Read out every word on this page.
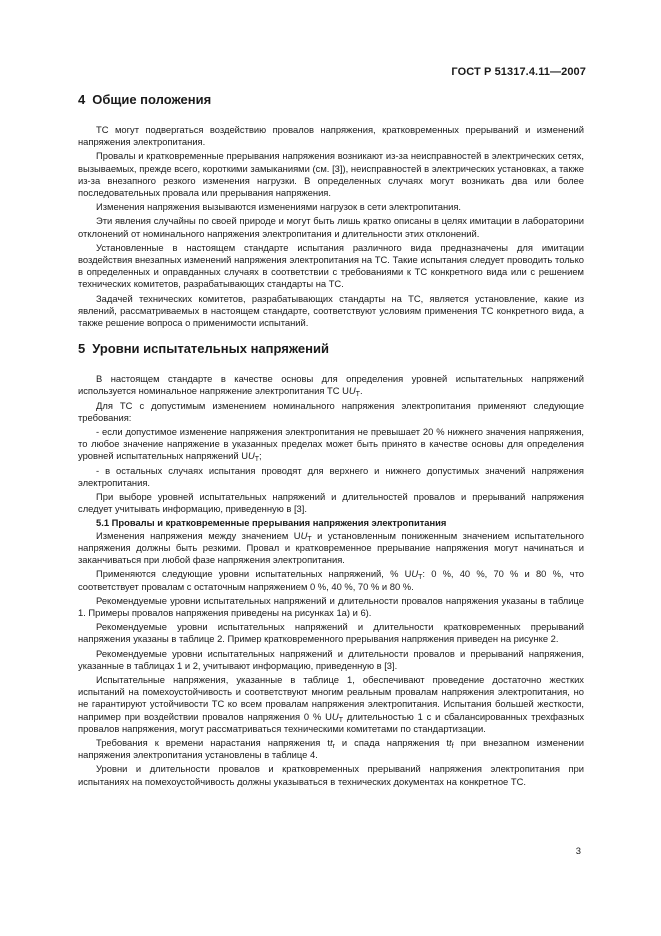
ГОСТ Р 51317.4.11—2007
4 Общие положения

ТС могут подвергаться воздействию провалов напряжения, кратковременных прерываний и изменений напряжения электропитания.

Провалы и кратковременные прерывания напряжения возникают из-за неисправностей в электрических сетях, вызываемых, прежде всего, короткими замыканиями (см. [3]), неисправностей в электрических установках, а также из-за внезапного резкого изменения нагрузки. В определенных случаях могут возникать два или более последовательных провала или прерывания напряжения.

Изменения напряжения вызываются изменениями нагрузок в сети электропитания.

Эти явления случайны по своей природе и могут быть лишь кратко описаны в целях имитации в лабораторини отклонений от номинального напряжения электропитания и длительности этих отклонений.

Установленные в настоящем стандарте испытания различного вида предназначены для имитации воздействия внезапных изменений напряжения электропитания на ТС. Такие испытания следует проводить только в определенных и оправданных случаях в соответствии с требованиями к ТС конкретного вида или с решением технических комитетов, разрабатывающих стандарты на ТС.

Задачей технических комитетов, разрабатывающих стандарты на ТС, является установление, какие из явлений, рассматриваемых в настоящем стандарте, соответствуют условиям применения ТС конкретного вида, а также решение вопроса о применимости испытаний.

5 Уровни испытательных напряжений

В настоящем стандарте в качестве основы для определения уровней испытательных напряжений используется номинальное напряжение электропитания ТС $UU_T$.

Для ТС с допустимым изменением номинального напряжения электропитания применяют следующие требования:

- если допустимое изменение напряжения электропитания не превышает 20 % нижнего значения напряжения, то любое значение напряжение в указанных пределах может быть принято в качестве основы для определения уровней испытательных напряжений $UU_T$;

- в остальных случаях испытания проводят для верхнего и нижнего допустимых значений напряжения электропитания.

При выборе уровней испытательных напряжений и длительностей провалов и прерываний напряжения следует учитывать информацию, приведенную в [3].

5.1 Провалы и кратковременные прерывания напряжения электропитания

Изменения напряжения между значением $UU_T$ и установленным пониженным значением испытательного напряжения должны быть резкими. Провал и кратковременное прерывание напряжения могут начинаться и заканчиваться при любой фазе напряжения электропитания.

Применяются следующие уровни испытательных напряжений, % $UU_T$: 0 %, 40 %, 70 % и 80 %, что соответствует провалам с остаточным напряжением 0 %, 40 %, 70 % и 80 %.

Рекомендуемые уровни испытательных напряжений и длительности провалов напряжения указаны в таблице 1. Примеры провалов напряжения приведены на рисунках 1а) и 6).

Рекомендуемые уровни испытательных напряжений и длительности кратковременных прерываний напряжения указаны в таблице 2. Пример кратковременного прерывания напряжения приведен на рисунке 2.

Рекомендуемые уровни испытательных напряжений и длительности провалов и прерываний напряжения, указанные в таблицах 1 и 2, учитывают информацию, приведенную в [3].

Испытательные напряжения, указанные в таблице 1, обеспечивают проведение достаточно жестких испытаний на помехоустойчивость и соответствуют многим реальным провалам напряжения электропитания, но не гарантируют устойчивости ТС ко всем провалам напряжения электропитания. Испытания большей жесткости, например при воздействии провалов напряжения 0 % $UU_T$ длительностью 1 с и сбалансированных трехфазных провалов напряжения, могут рассматриваться техническими комитетами по стандартизации.

Требования к времени нарастания напряжения $tt_r$ и спада напряжения $tt_f$ при внезапном изменении напряжения электропитания установлены в таблице 4.

Уровни и длительности провалов и кратковременных прерываний напряжения электропитания при испытаниях на помехоустойчивость должны указываться в технических документах на конкретное ТС.

3
